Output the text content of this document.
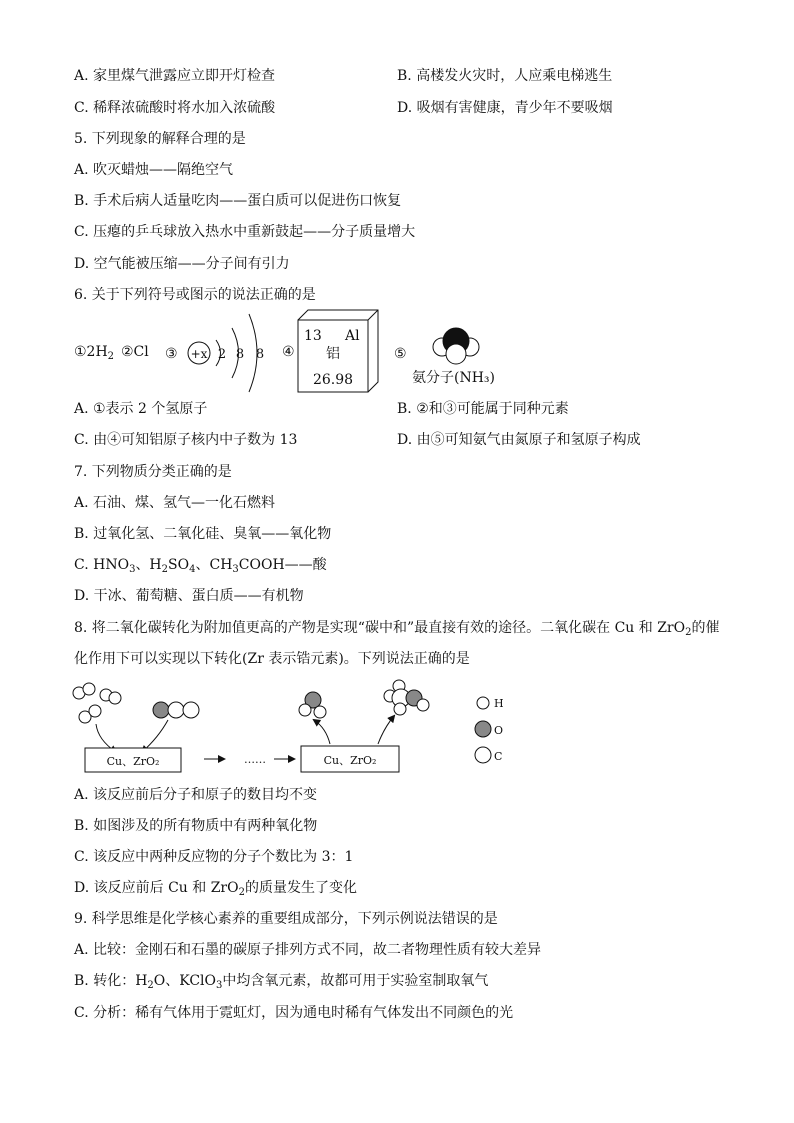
A. 家里煤气泄露应立即开灯检查	B. 高楼发火灾时，人应乘电梯逃生
C. 稀释浓硫酸时将水加入浓硫酸	D. 吸烟有害健康，青少年不要吸烟
5. 下列现象的解释合理的是
A. 吹灭蜡烛——隔绝空气
B. 手术后病人适量吃肉——蛋白质可以促进伤口恢复
C. 压瘪的乒乓球放入热水中重新鼓起——分子质量增大
D. 空气能被压缩——分子间有引力
6. 关于下列符号或图示的说法正确的是
$①2H_2$ ②Cl ③ +x 2 8 8 ④
13 Al
铝
26.98
⑤
氨分子(NH₃)
A. ①表示 2 个氢原子	B. ②和③可能属于同种元素
C. 由④可知铝原子核内中子数为 13	D. 由⑤可知氨气由氮原子和氢原子构成
7. 下列物质分类正确的是
A. 石油、煤、氢气—一化石燃料
B. 过氧化氢、二氧化硅、臭氧——氧化物
C. $HNO_3$、$H_2SO_4$、$CH_3COOH——$酸
D. 干冰、葡萄糖、蛋白质——有机物
8. 将二氧化碳转化为附加值更高的产物是实现“碳中和”最直接有效的途径。二氧化碳在 Cu 和 ZrO$_2$的催
化作用下可以实现以下转化(Zr 表示锆元素)。下列说法正确的是
Cu、ZrO₂	……	Cu、ZrO₂
H
O
C
A. 该反应前后分子和原子的数目均不变
B. 如图涉及的所有物质中有两种氧化物
C. 该反应中两种反应物的分子个数比为 3：1
D. 该反应前后 Cu 和 ZrO$_2$的质量发生了变化
9. 科学思维是化学核心素养的重要组成部分，下列示例说法错误的是
A. 比较：金刚石和石墨的碳原子排列方式不同，故二者物理性质有较大差异
B. 转化：$H_2O$、KClO$_3$中均含氧元素，故都可用于实验室制取氧气
C. 分析：稀有气体用于霓虹灯，因为通电时稀有气体发出不同颜色的光
